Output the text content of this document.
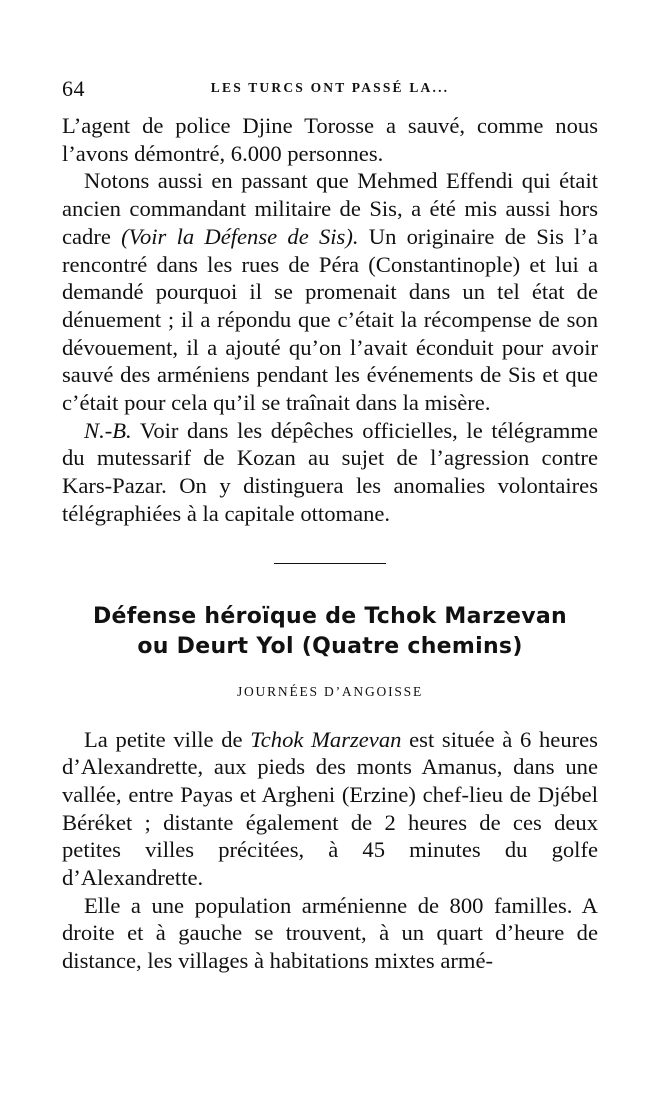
64	LES TURCS ONT PASSÉ LA...

L’agent de police Djine Torosse a sauvé, comme nous l’avons démontré, 6.000 personnes.

Notons aussi en passant que Mehmed Effendi qui était ancien commandant militaire de Sis, a été mis aussi hors cadre (Voir la Défense de Sis). Un originaire de Sis l’a rencontré dans les rues de Péra (Constantinople) et lui a demandé pourquoi il se promenait dans un tel état de dénuement ; il a répondu que c’était la récompense de son dévouement, il a ajouté qu’on l’avait éconduit pour avoir sauvé des arméniens pendant les événements de Sis et que c’était pour cela qu’il se traînait dans la misère.

N.-B. Voir dans les dépêches officielles, le télégramme du mutessarif de Kozan au sujet de l’agression contre Kars-Pazar. On y distinguera les anomalies volontaires télégraphiées à la capitale ottomane.

Défense héroïque de Tchok Marzevan
ou Deurt Yol (Quatre chemins)
JOURNÉES D’ANGOISSE

La petite ville de Tchok Marzevan est située à 6 heures d’Alexandrette, aux pieds des monts Amanus, dans une vallée, entre Payas et Argheni (Erzine) chef-lieu de Djébel Béréket ; distante également de 2 heures de ces deux petites villes précitées, à 45 minutes du golfe d’Alexandrette.

Elle a une population arménienne de 800 familles. A droite et à gauche se trouvent, à un quart d’heure de distance, les villages à habitations mixtes armé-
